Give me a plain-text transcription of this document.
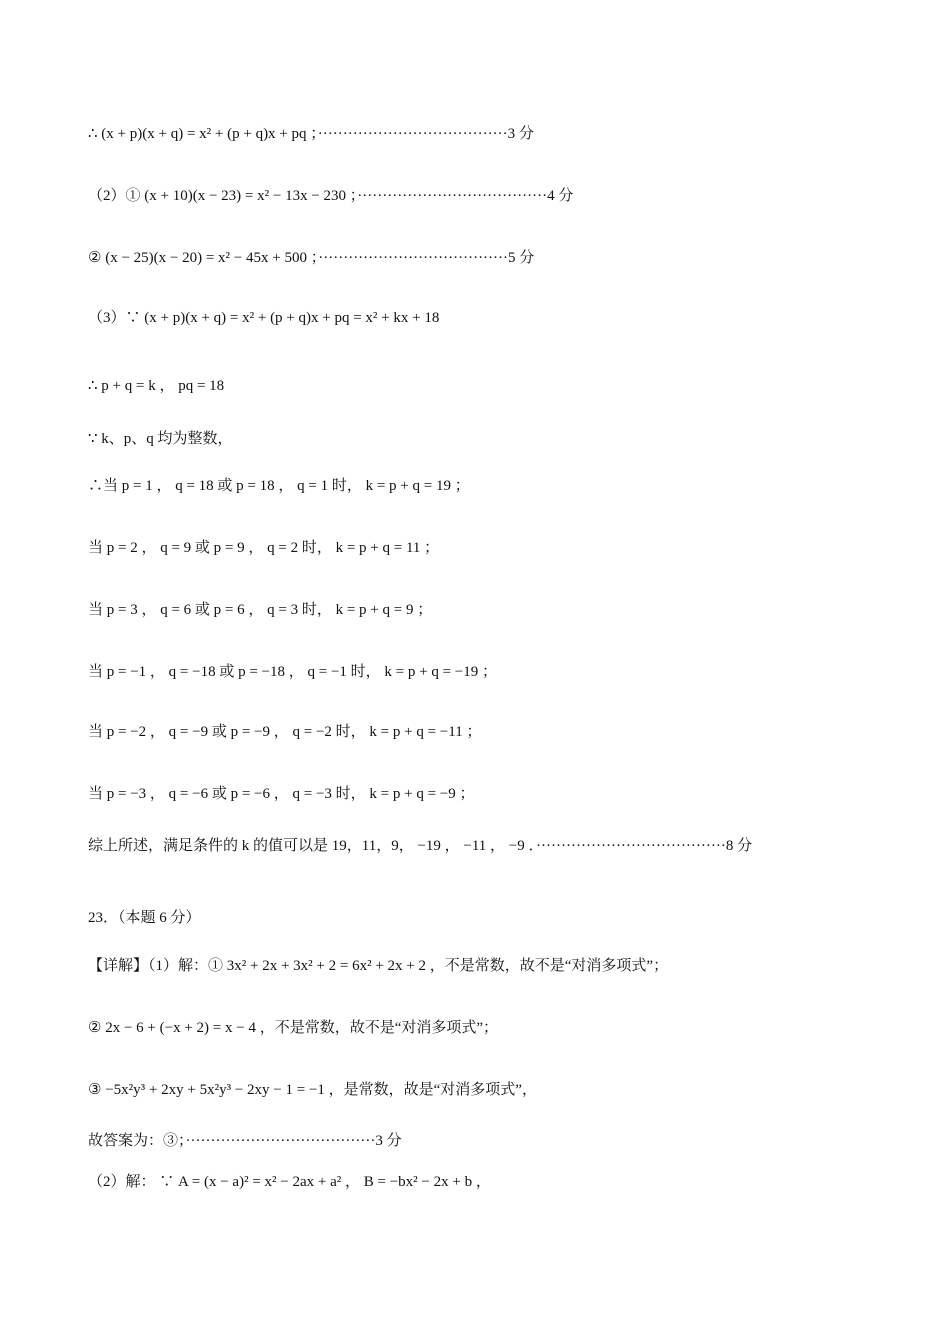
∴ (x + p)(x + q) = x² + (p + q)x + pq ；······································3 分
（2）① (x + 10)(x − 23) = x² − 13x − 230 ；······································4 分
② (x − 25)(x − 20) = x² − 45x + 500 ；······································5 分
（3）∵ (x + p)(x + q) = x² + (p + q)x + pq = x² + kx + 18
∴ p + q = k ， pq = 18
∵ k、p、q 均为整数，
∴当 p = 1 ， q = 18 或 p = 18 ， q = 1 时， k = p + q = 19 ；
当 p = 2 ， q = 9 或 p = 9 ， q = 2 时， k = p + q = 11 ；
当 p = 3 ， q = 6 或 p = 6 ， q = 3 时， k = p + q = 9 ；
当 p = −1 ， q = −18 或 p = −18 ， q = −1 时， k = p + q = −19 ；
当 p = −2 ， q = −9 或 p = −9 ， q = −2 时， k = p + q = −11 ；
当 p = −3 ， q = −6 或 p = −6 ， q = −3 时， k = p + q = −9 ；
综上所述，满足条件的 k 的值可以是 19，11，9， −19 ， −11 ， −9 ．······································8 分
23．（本题 6 分）
【详解】（1）解：① 3x² + 2x + 3x² + 2 = 6x² + 2x + 2 ，不是常数，故不是“对消多项式”；
② 2x − 6 + (−x + 2) = x − 4 ，不是常数，故不是“对消多项式”；
③ −5x²y³ + 2xy + 5x²y³ − 2xy − 1 = −1 ，是常数，故是“对消多项式”，
故答案为：③；······································3 分
（2）解： ∵ A = (x − a)² = x² − 2ax + a² ， B = −bx² − 2x + b ，
